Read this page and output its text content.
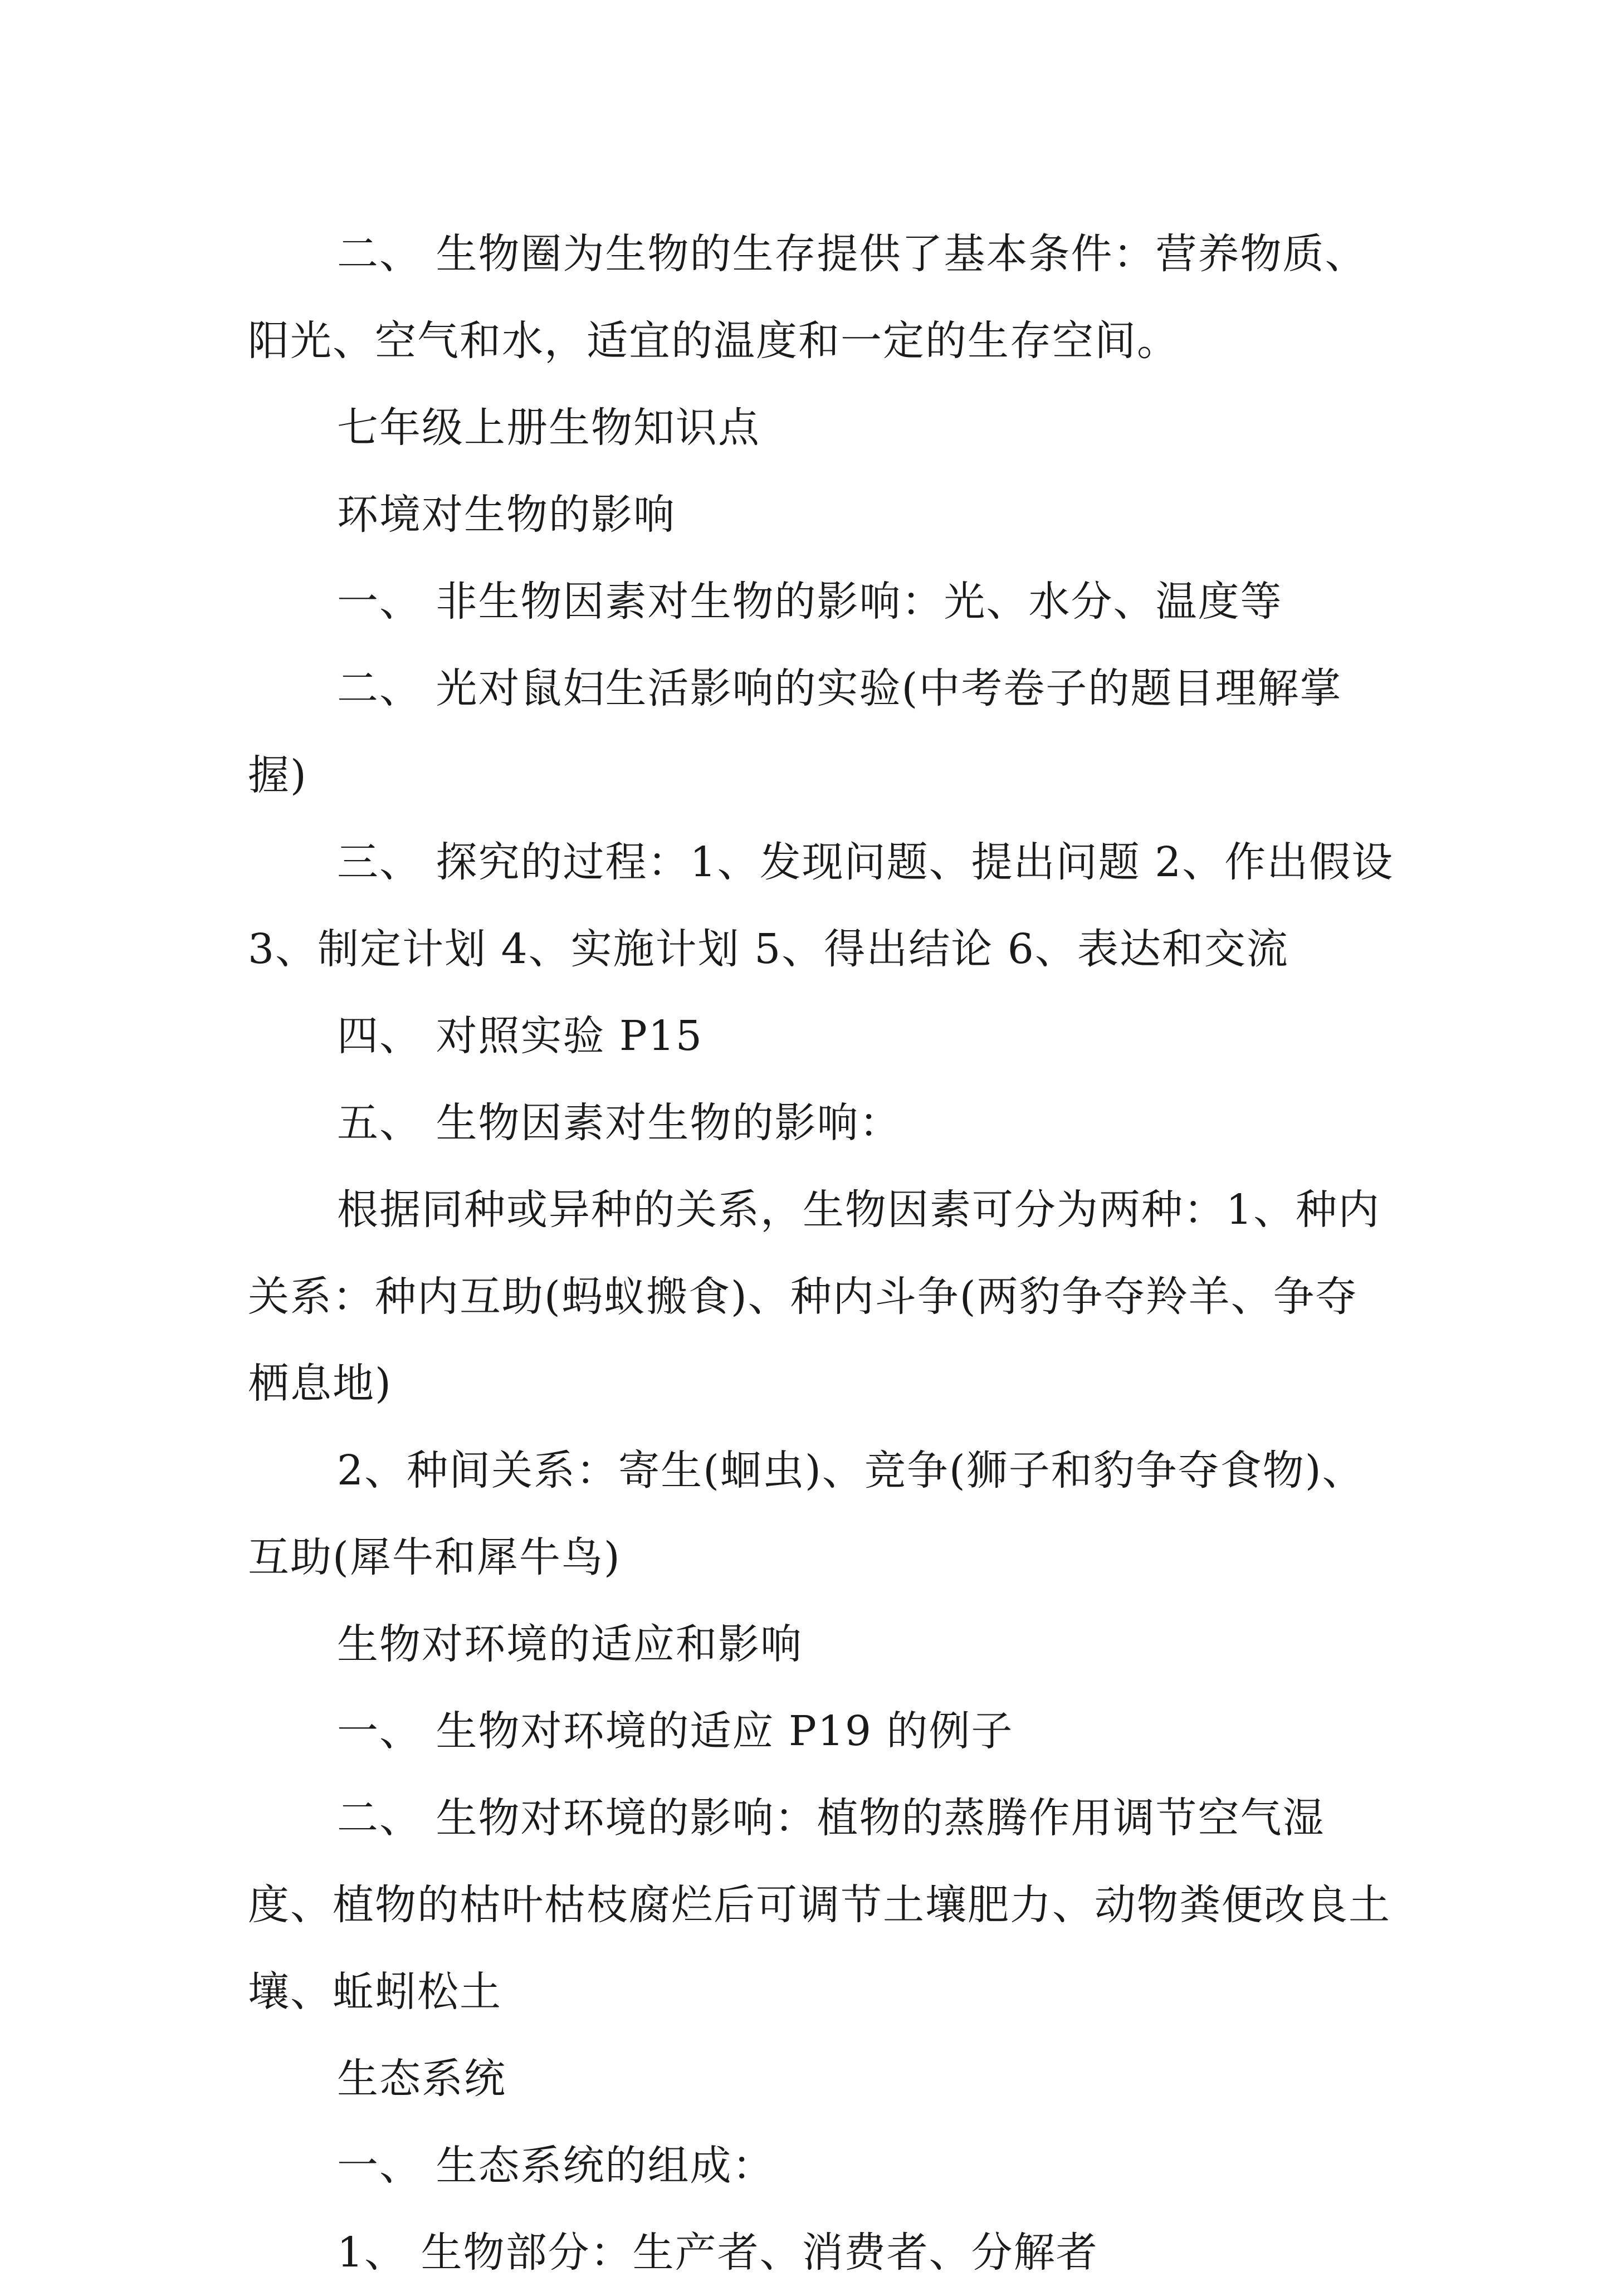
二、 生物圈为生物的生存提供了基本条件：营养物质、阳光、空气和水，适宜的温度和一定的生存空间。

七年级上册生物知识点

环境对生物的影响

一、 非生物因素对生物的影响：光、水分、温度等

二、 光对鼠妇生活影响的实验(中考卷子的题目理解掌握)

三、 探究的过程：1、发现问题、提出问题 2、作出假设 3、制定计划 4、实施计划 5、得出结论 6、表达和交流

四、 对照实验 P15

五、 生物因素对生物的影响：

根据同种或异种的关系，生物因素可分为两种：1、种内关系：种内互助(蚂蚁搬食)、种内斗争(两豹争夺羚羊、争夺栖息地)

2、种间关系：寄生(蛔虫)、竞争(狮子和豹争夺食物)、互助(犀牛和犀牛鸟)

生物对环境的适应和影响

一、 生物对环境的适应 P19 的例子

二、 生物对环境的影响：植物的蒸腾作用调节空气湿度、植物的枯叶枯枝腐烂后可调节土壤肥力、动物粪便改良土壤、蚯蚓松土

生态系统

一、 生态系统的组成：

1、 生物部分：生产者、消费者、分解者
